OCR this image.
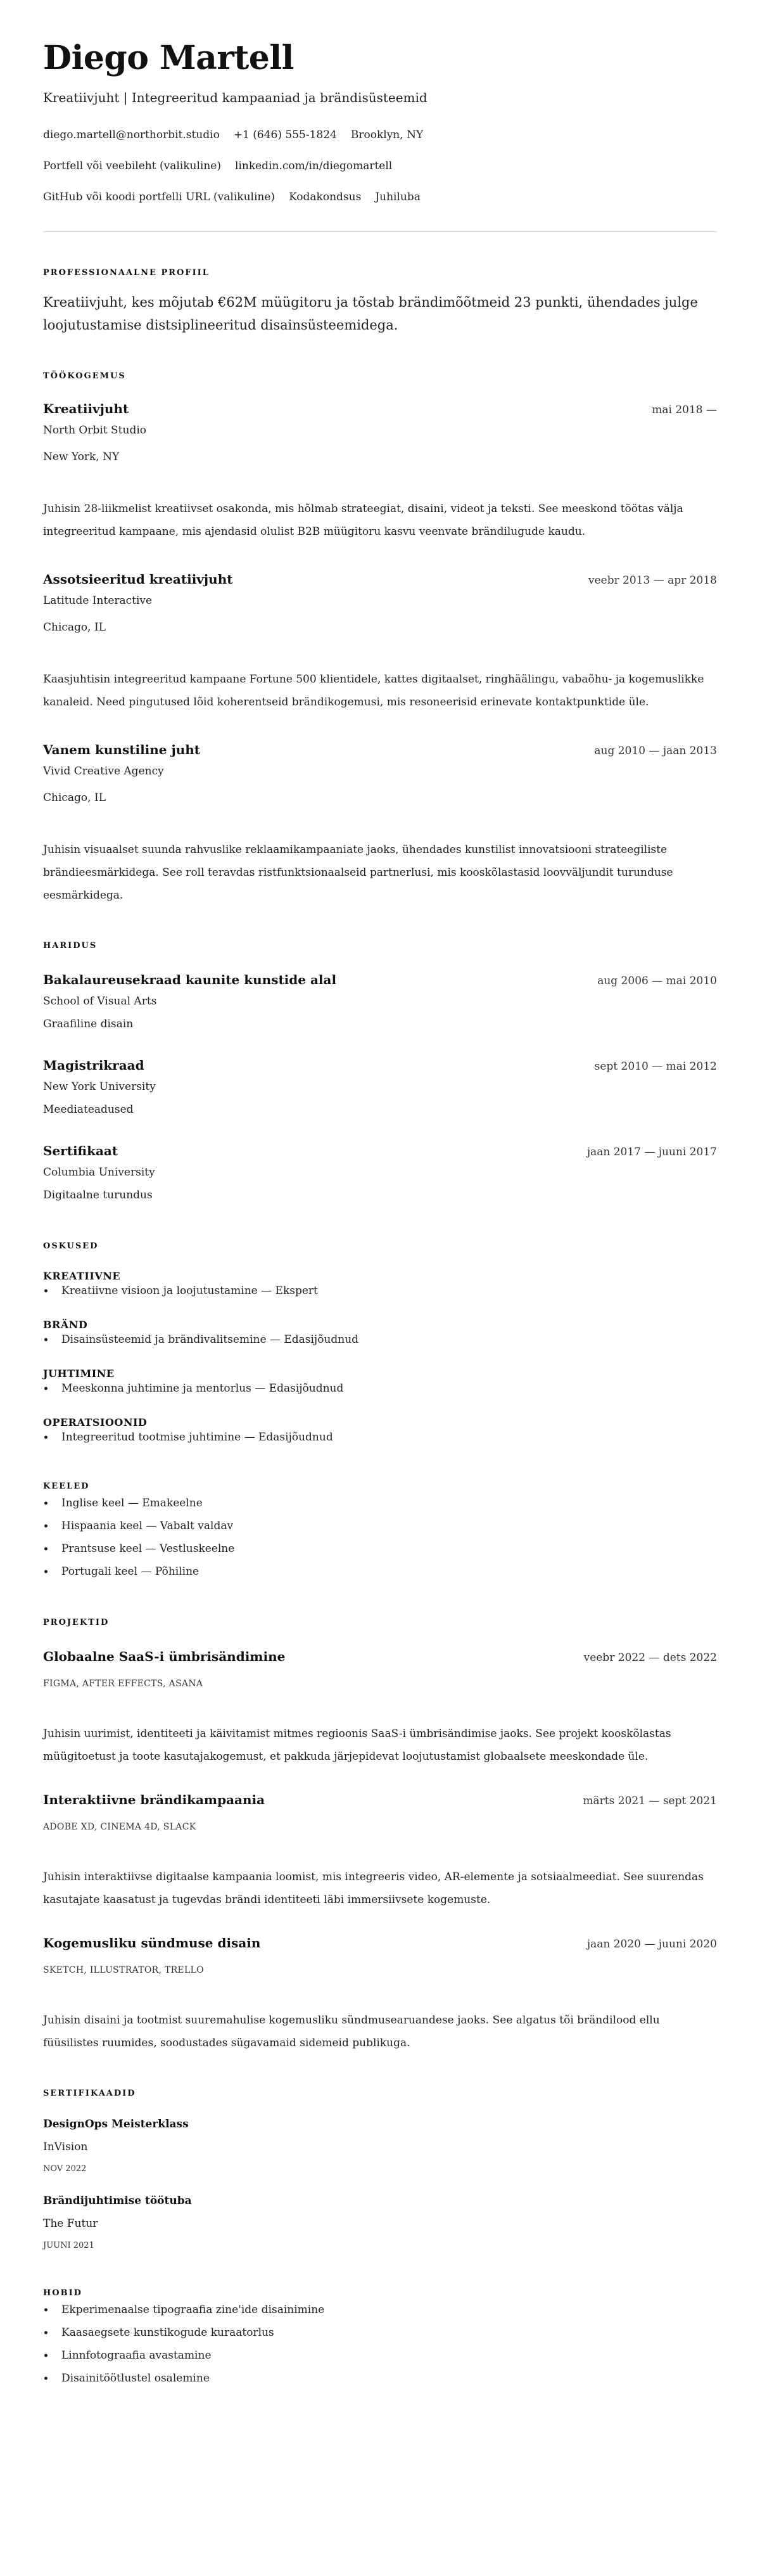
Diego Martell
Kreatiivjuht | Integreeritud kampaaniad ja brändisüsteemid
diego.martell@northorbit.studio +1 (646) 555-1824 Brooklyn, NY
Portfell või veebileht (valikuline) linkedin.com/in/diegomartell
GitHub või koodi portfelli URL (valikuline) Kodakondsus Juhiluba
PROFESSIONAALNE PROFIIL
Kreatiivjuht, kes mõjutab €62M müügitoru ja tõstab brändimõõtmeid 23 punkti, ühendades julge loojutustamise distsiplineeritud disainsüsteemidega.
TÖÖKOGEMUS
Kreatiivjuht	mai 2018 —
North Orbit Studio
New York, NY
Juhisin 28-liikmelist kreatiivset osakonda, mis hõlmab strateegiat, disaini, videot ja teksti. See meeskond töötas välja integreeritud kampaane, mis ajendasid olulist B2B müügitoru kasvu veenvate brändilugude kaudu.
Assotsieeritud kreatiivjuht	veebr 2013 — apr 2018
Latitude Interactive
Chicago, IL
Kaasjuhtisin integreeritud kampaane Fortune 500 klientidele, kattes digitaalset, ringhäälingu, vabaõhu- ja kogemuslikke kanaleid. Need pingutused lõid koherentseid brändikogemusi, mis resoneerisid erinevate kontaktpunktide üle.
Vanem kunstiline juht	aug 2010 — jaan 2013
Vivid Creative Agency
Chicago, IL
Juhisin visuaalset suunda rahvuslike reklaamikampaaniate jaoks, ühendades kunstilist innovatsiooni strateegiliste brändieesmärkidega. See roll teravdas ristfunktsionaalseid partnerlusi, mis kooskõlastasid loovväljundit turunduse eesmärkidega.
HARIDUS
Bakalaureusekraad kaunite kunstide alal	aug 2006 — mai 2010
School of Visual Arts
Graafiline disain
Magistrikraad	sept 2010 — mai 2012
New York University
Meediateadused
Sertifikaat	jaan 2017 — juuni 2017
Columbia University
Digitaalne turundus
OSKUSED
KREATIIVNE
Kreatiivne visioon ja loojutustamine — Ekspert
BRÄND
Disainsüsteemid ja brändivalitsemine — Edasijõudnud
JUHTIMINE
Meeskonna juhtimine ja mentorlus — Edasijõudnud
OPERATSIOONID
Integreeritud tootmise juhtimine — Edasijõudnud
KEELED
Inglise keel — Emakeelne
Hispaania keel — Vabalt valdav
Prantsuse keel — Vestluskeelne
Portugali keel — Põhiline
PROJEKTID
Globaalne SaaS-i ümbrisändimine	veebr 2022 — dets 2022
FIGMA, AFTER EFFECTS, ASANA
Juhisin uurimist, identiteeti ja käivitamist mitmes regioonis SaaS-i ümbrisändimise jaoks. See projekt kooskõlastas müügitoetust ja toote kasutajakogemust, et pakkuda järjepidevat loojutustamist globaalsete meeskondade üle.
Interaktiivne brändikampaania	märts 2021 — sept 2021
ADOBE XD, CINEMA 4D, SLACK
Juhisin interaktiivse digitaalse kampaania loomist, mis integreeris video, AR-elemente ja sotsiaalmeediat. See suurendas kasutajate kaasatust ja tugevdas brändi identiteeti läbi immersiivsete kogemuste.
Kogemusliku sündmuse disain	jaan 2020 — juuni 2020
SKETCH, ILLUSTRATOR, TRELLO
Juhisin disaini ja tootmist suuremahulise kogemusliku sündmusearuandese jaoks. See algatus tõi brändilood ellu füüsilistes ruumides, soodustades sügavamaid sidemeid publikuga.
SERTIFIKAADID
DesignOps Meisterklass
InVision
NOV 2022
Brändijuhtimise töötuba
The Futur
JUUNI 2021
HOBID
Ekperimenaalse tipograafia zine'ide disainimine
Kaasaegsete kunstikogude kuraatorlus
Linnfotograafia avastamine
Disainitöötlustel osalemine
